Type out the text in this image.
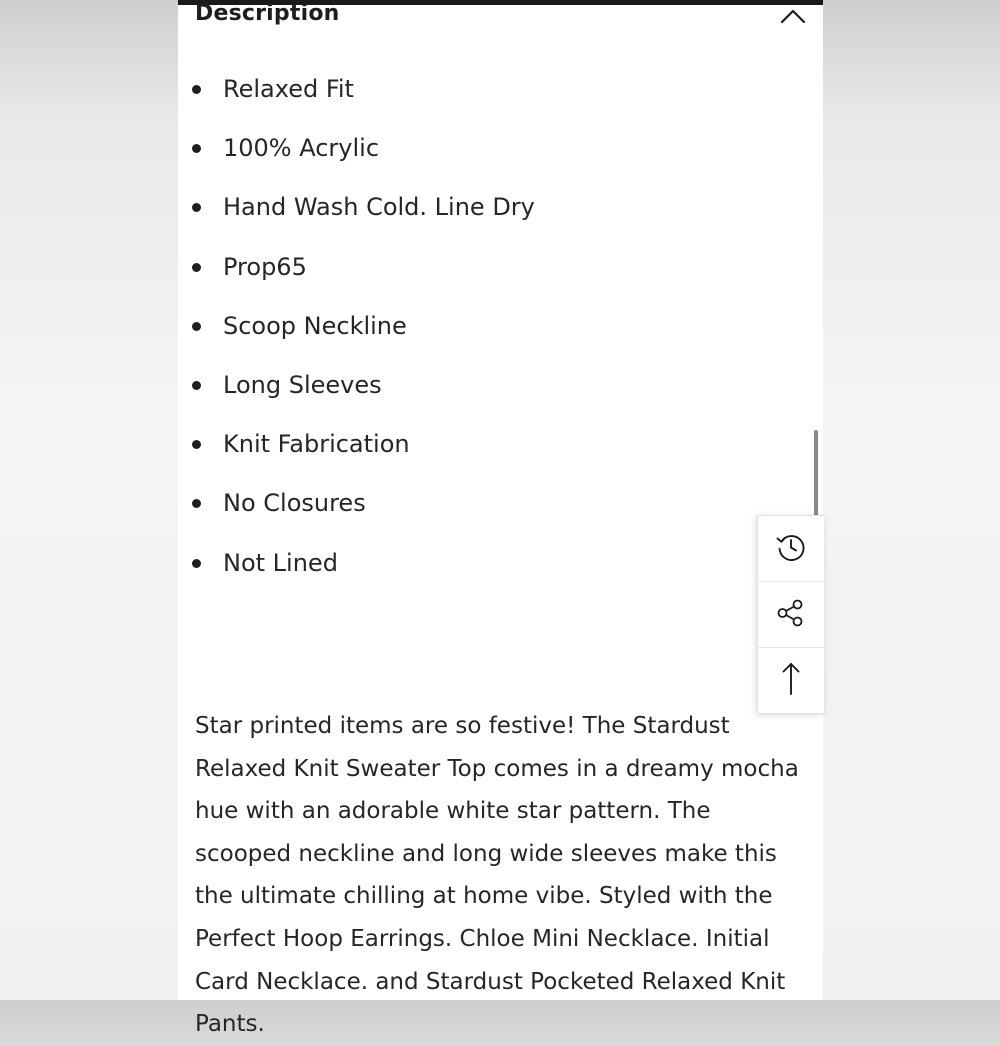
Description
Relaxed Fit
100% Acrylic
Hand Wash Cold. Line Dry
Prop65
Scoop Neckline
Long Sleeves
Knit Fabrication
No Closures
Not Lined

Star printed items are so festive! The Stardust Relaxed Knit Sweater Top comes in a dreamy mocha hue with an adorable white star pattern. The scooped neckline and long wide sleeves make this the ultimate chilling at home vibe. Styled with the Perfect Hoop Earrings. Chloe Mini Necklace. Initial Card Necklace. and Stardust Pocketed Relaxed Knit Pants.
